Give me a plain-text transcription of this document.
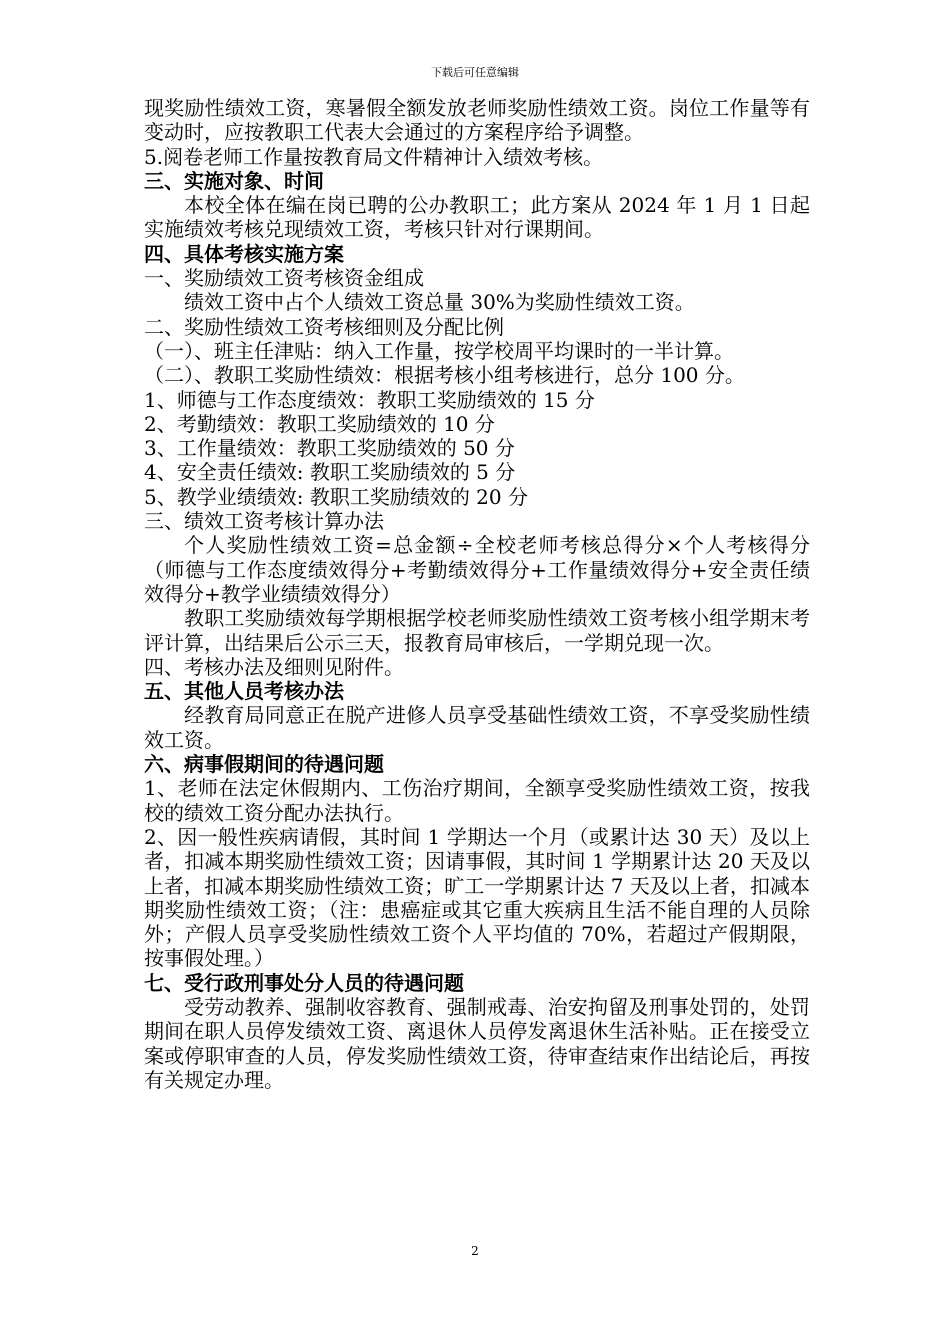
下载后可任意编辑

现奖励性绩效工资，寒暑假全额发放老师奖励性绩效工资。岗位工作量等有变动时，应按教职工代表大会通过的方案程序给予调整。

5.阅卷老师工作量按教育局文件精神计入绩效考核。

三、实施对象、时间

本校全体在编在岗已聘的公办教职工；此方案从 2024 年 1 月 1 日起实施绩效考核兑现绩效工资，考核只针对行课期间。

四、具体考核实施方案

一、奖励绩效工资考核资金组成

绩效工资中占个人绩效工资总量 30%为奖励性绩效工资。

二、奖励性绩效工资考核细则及分配比例

（一）、班主任津贴：纳入工作量，按学校周平均课时的一半计算。

（二）、教职工奖励性绩效：根据考核小组考核进行，总分 100 分。

1、师德与工作态度绩效：教职工奖励绩效的 15 分

2、考勤绩效：教职工奖励绩效的 10 分

3、工作量绩效：教职工奖励绩效的 50 分

4、安全责任绩效: 教职工奖励绩效的 5 分

5、教学业绩绩效: 教职工奖励绩效的 20 分

三、绩效工资考核计算办法

个人奖励性绩效工资=总金额÷全校老师考核总得分×个人考核得分（师德与工作态度绩效得分+考勤绩效得分+工作量绩效得分+安全责任绩效得分+教学业绩绩效得分）

教职工奖励绩效每学期根据学校老师奖励性绩效工资考核小组学期末考评计算，出结果后公示三天，报教育局审核后，一学期兑现一次。

四、考核办法及细则见附件。

五、其他人员考核办法

经教育局同意正在脱产进修人员享受基础性绩效工资，不享受奖励性绩效工资。

六、病事假期间的待遇问题

1、老师在法定休假期内、工伤治疗期间，全额享受奖励性绩效工资，按我校的绩效工资分配办法执行。

2、因一般性疾病请假，其时间 1 学期达一个月（或累计达 30 天）及以上者，扣减本期奖励性绩效工资；因请事假，其时间 1 学期累计达 20 天及以上者，扣减本期奖励性绩效工资；旷工一学期累计达 7 天及以上者，扣减本期奖励性绩效工资；（注：患癌症或其它重大疾病且生活不能自理的人员除外；产假人员享受奖励性绩效工资个人平均值的 70%，若超过产假期限，按事假处理。）

七、受行政刑事处分人员的待遇问题

受劳动教养、强制收容教育、强制戒毒、治安拘留及刑事处罚的，处罚期间在职人员停发绩效工资、离退休人员停发离退休生活补贴。正在接受立案或停职审查的人员，停发奖励性绩效工资，待审查结束作出结论后，再按有关规定办理。

2
